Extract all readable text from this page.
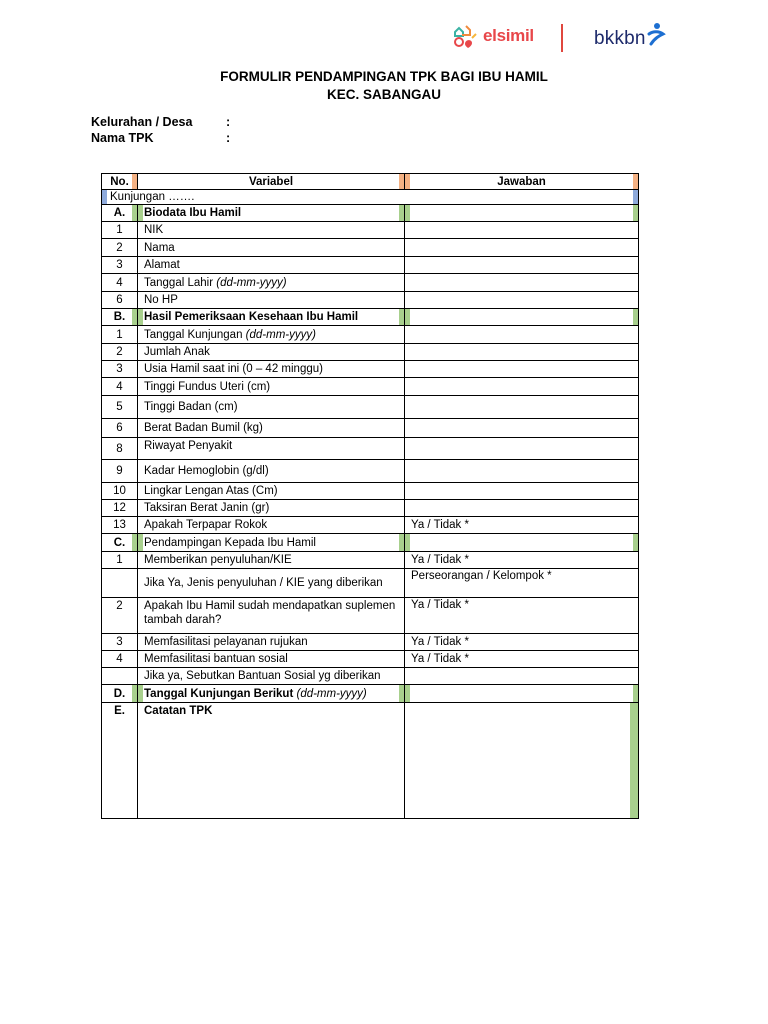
elsimil	bkkbn
FORMULIR PENDAMPINGAN TPK BAGI IBU HAMIL
KEC. SABANGAU
Kelurahan / Desa	:
Nama TPK	:
No.	Variabel	Jawaban
Kunjungan …….		
A.	Biodata Ibu Hamil	
1	NIK	
2	Nama	
3	Alamat	
4	Tanggal Lahir (dd-mm-yyyy)	
6	No HP	
B.	Hasil Pemeriksaan Kesehaan Ibu Hamil	
1	Tanggal Kunjungan (dd-mm-yyyy)	
2	Jumlah Anak	
3	Usia Hamil saat ini (0 – 42 minggu)	
4	Tinggi Fundus Uteri (cm)	
5	Tinggi Badan (cm)	
6	Berat Badan Bumil (kg)	
8	Riwayat Penyakit	
9	Kadar Hemoglobin (g/dl)	
10	Lingkar Lengan Atas (Cm)	
12	Taksiran Berat Janin (gr)	
13	Apakah Terpapar Rokok	Ya / Tidak *
C.	Pendampingan Kepada Ibu Hamil	
1	Memberikan penyuluhan/KIE	Ya / Tidak *
	Jika Ya, Jenis penyuluhan / KIE yang diberikan	Perseorangan / Kelompok *
2	Apakah Ibu Hamil sudah mendapatkan suplemen tambah darah?	Ya / Tidak *
3	Memfasilitasi pelayanan rujukan	Ya / Tidak *
4	Memfasilitasi bantuan sosial	Ya / Tidak *
	Jika ya, Sebutkan Bantuan Sosial yg diberikan	
D.	Tanggal Kunjungan Berikut (dd-mm-yyyy)	
E.	Catatan TPK	
